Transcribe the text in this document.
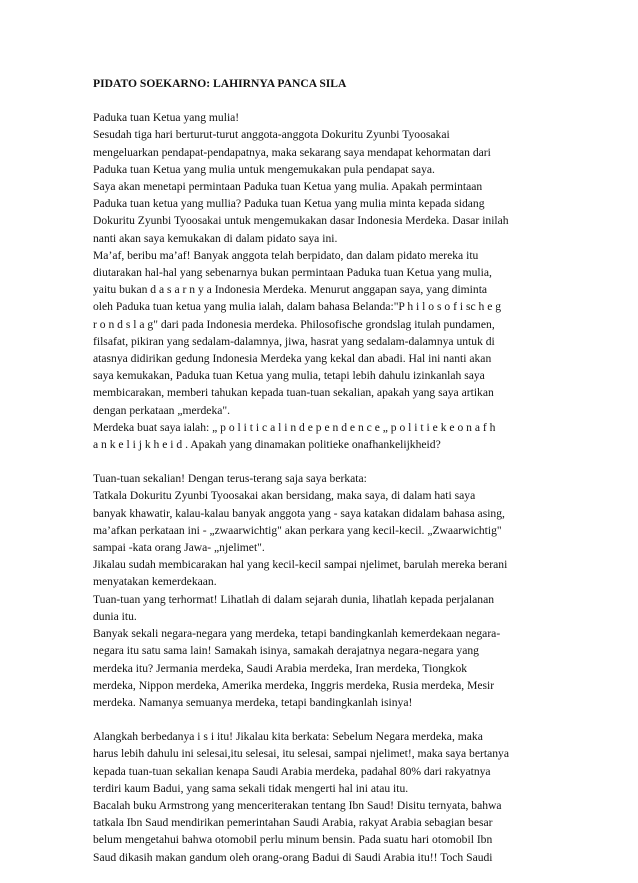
PIDATO SOEKARNO: LAHIRNYA PANCA SILA
Paduka tuan Ketua yang mulia!
Sesudah tiga hari berturut-turut anggota-anggota Dokuritu Zyunbi Tyoosakai
mengeluarkan pendapat-pendapatnya, maka sekarang saya mendapat kehormatan dari
Paduka tuan Ketua yang mulia untuk mengemukakan pula pendapat saya.
Saya akan menetapi permintaan Paduka tuan Ketua yang mulia. Apakah permintaan
Paduka tuan ketua yang mullia? Paduka tuan Ketua yang mulia minta kepada sidang
Dokuritu Zyunbi Tyoosakai untuk mengemukakan dasar Indonesia Merdeka. Dasar inilah
nanti akan saya kemukakan di dalam pidato saya ini.
Ma’af, beribu ma’af! Banyak anggota telah berpidato, dan dalam pidato mereka itu
diutarakan hal-hal yang sebenarnya bukan permintaan Paduka tuan Ketua yang mulia,
yaitu bukan d a s a r n y a Indonesia Merdeka. Menurut anggapan saya, yang diminta
oleh Paduka tuan ketua yang mulia ialah, dalam bahasa Belanda:"P h i l o s o f i sc h e g
r o n d s l a g" dari pada Indonesia merdeka. Philosofische grondslag itulah pundamen,
filsafat, pikiran yang sedalam-dalamnya, jiwa, hasrat yang sedalam-dalamnya untuk di
atasnya didirikan gedung Indonesia Merdeka yang kekal dan abadi. Hal ini nanti akan
saya kemukakan, Paduka tuan Ketua yang mulia, tetapi lebih dahulu izinkanlah saya
membicarakan, memberi tahukan kepada tuan-tuan sekalian, apakah yang saya artikan
dengan perkataan „merdeka".
Merdeka buat saya ialah: „ p o l i t i c a l i n d e p e n d e n c e „ p o l i t i e k e o n a f h
a n k e l i j k h e i d . Apakah yang dinamakan politieke onafhankelijkheid?
Tuan-tuan sekalian! Dengan terus-terang saja saya berkata:
Tatkala Dokuritu Zyunbi Tyoosakai akan bersidang, maka saya, di dalam hati saya
banyak khawatir, kalau-kalau banyak anggota yang - saya katakan didalam bahasa asing,
ma’afkan perkataan ini - „zwaarwichtig" akan perkara yang kecil-kecil. „Zwaarwichtig"
sampai -kata orang Jawa- „njelimet".
Jikalau sudah membicarakan hal yang kecil-kecil sampai njelimet, barulah mereka berani
menyatakan kemerdekaan.
Tuan-tuan yang terhormat! Lihatlah di dalam sejarah dunia, lihatlah kepada perjalanan
dunia itu.
Banyak sekali negara-negara yang merdeka, tetapi bandingkanlah kemerdekaan negara-
negara itu satu sama lain! Samakah isinya, samakah derajatnya negara-negara yang
merdeka itu? Jermania merdeka, Saudi Arabia merdeka, Iran merdeka, Tiongkok
merdeka, Nippon merdeka, Amerika merdeka, Inggris merdeka, Rusia merdeka, Mesir
merdeka. Namanya semuanya merdeka, tetapi bandingkanlah isinya!
Alangkah berbedanya i s i itu! Jikalau kita berkata: Sebelum Negara merdeka, maka
harus lebih dahulu ini selesai,itu selesai, itu selesai, sampai njelimet!, maka saya bertanya
kepada tuan-tuan sekalian kenapa Saudi Arabia merdeka, padahal 80% dari rakyatnya
terdiri kaum Badui, yang sama sekali tidak mengerti hal ini atau itu.
Bacalah buku Armstrong yang menceriterakan tentang Ibn Saud! Disitu ternyata, bahwa
tatkala Ibn Saud mendirikan pemerintahan Saudi Arabia, rakyat Arabia sebagian besar
belum mengetahui bahwa otomobil perlu minum bensin. Pada suatu hari otomobil Ibn
Saud dikasih makan gandum oleh orang-orang Badui di Saudi Arabia itu!! Toch Saudi
